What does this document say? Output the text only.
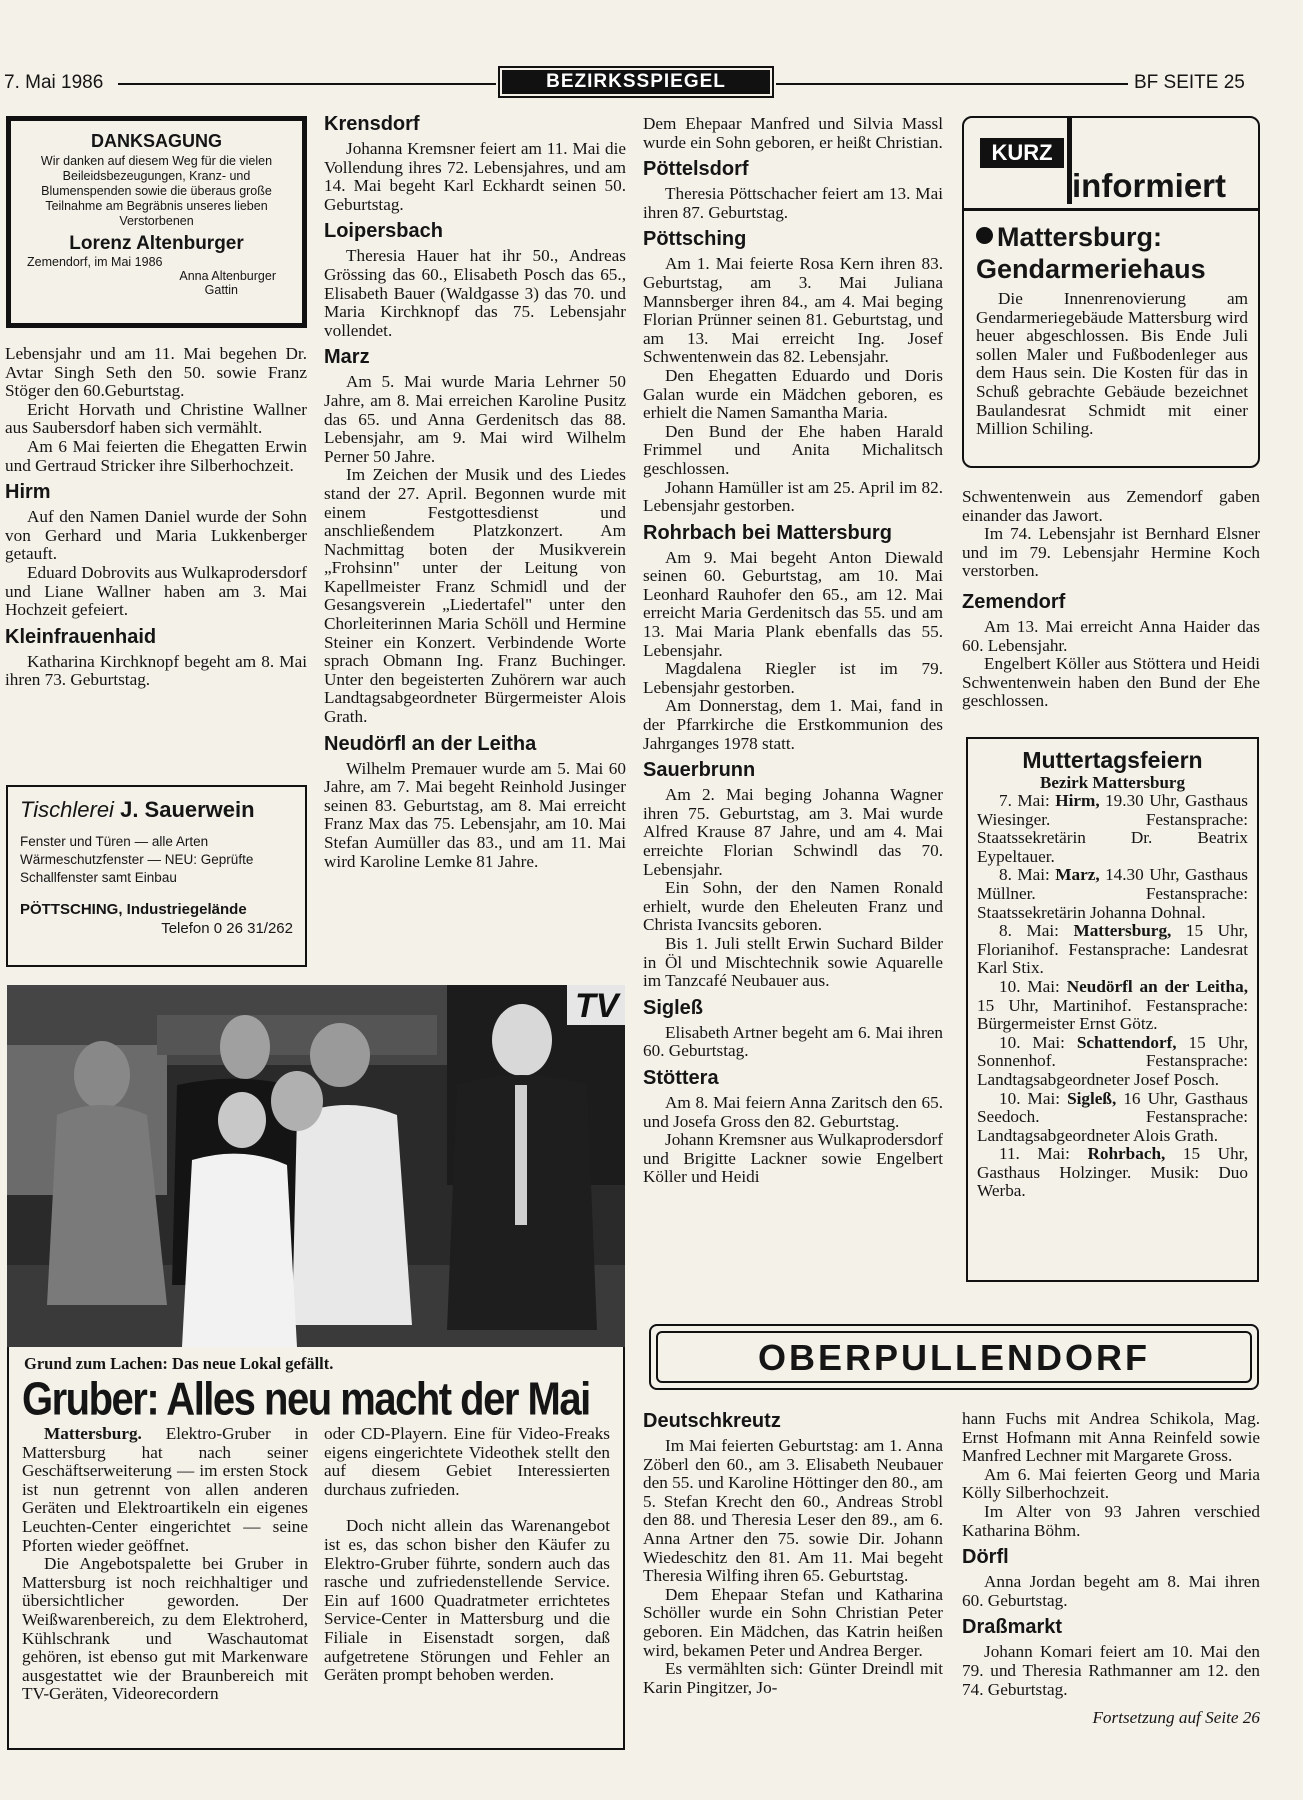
7. Mai 1986	BEZIRKSSPIEGEL	BF SEITE 25
DANKSAGUNG
Wir danken auf diesem Weg für die vielen Beileidsbezeugungen, Kranz- und Blumenspenden sowie die überaus große Teilnahme am Begräbnis unseres lieben Verstorbenen
Lorenz Altenburger
Zemendorf, im Mai 1986
Anna Altenburger
Gattin

Lebensjahr und am 11. Mai begehen Dr. Avtar Singh Seth den 50. sowie Franz Stöger den 60.Geburtstag.

Ericht Horvath und Christine Wallner aus Saubersdorf haben sich vermählt.

Am 6 Mai feierten die Ehegatten Erwin und Gertraud Stricker ihre Silberhochzeit.

Hirm

Auf den Namen Daniel wurde der Sohn von Gerhard und Maria Lukkenberger getauft.

Eduard Dobrovits aus Wulkaprodersdorf und Liane Wallner haben am 3. Mai Hochzeit gefeiert.

Kleinfrauenhaid

Katharina Kirchknopf begeht am 8. Mai ihren 73. Geburtstag.

Tischlerei J. Sauerwein
Fenster und Türen — alle Arten Wärmeschutzfenster — NEU: Geprüfte Schallfenster samt Einbau
PÖTTSCHING, Industriegelände
Telefon 0 26 31/262
Krensdorf

Johanna Kremsner feiert am 11. Mai die Vollendung ihres 72. Lebensjahres, und am 14. Mai begeht Karl Eckhardt seinen 50. Geburtstag.

Loipersbach

Theresia Hauer hat ihr 50., Andreas Grössing das 60., Elisabeth Posch das 65., Elisabeth Bauer (Waldgasse 3) das 70. und Maria Kirchknopf das 75. Lebensjahr vollendet.

Marz

Am 5. Mai wurde Maria Lehrner 50 Jahre, am 8. Mai erreichen Karoline Pusitz das 65. und Anna Gerdenitsch das 88. Lebensjahr, am 9. Mai wird Wilhelm Perner 50 Jahre.

Im Zeichen der Musik und des Liedes stand der 27. April. Begonnen wurde mit einem Festgottesdienst und anschließendem Platzkonzert. Am Nachmittag boten der Musikverein „Frohsinn" unter der Leitung von Kapellmeister Franz Schmidl und der Gesangsverein „Liedertafel" unter den Chorleiterinnen Maria Schöll und Hermine Steiner ein Konzert. Verbindende Worte sprach Obmann Ing. Franz Buchinger. Unter den begeisterten Zuhörern war auch Landtagsabgeordneter Bürgermeister Alois Grath.

Neudörfl an der Leitha

Wilhelm Premauer wurde am 5. Mai 60 Jahre, am 7. Mai begeht Reinhold Jusinger seinen 83. Geburtstag, am 8. Mai erreicht Franz Max das 75. Lebensjahr, am 10. Mai Stefan Aumüller das 83., und am 11. Mai wird Karoline Lemke 81 Jahre.

Dem Ehepaar Manfred und Silvia Massl wurde ein Sohn geboren, er heißt Christian.

Pöttelsdorf

Theresia Pöttschacher feiert am 13. Mai ihren 87. Geburtstag.

Pöttsching

Am 1. Mai feierte Rosa Kern ihren 83. Geburtstag, am 3. Mai Juliana Mannsberger ihren 84., am 4. Mai beging Florian Prünner seinen 81. Geburtstag, und am 13. Mai erreicht Ing. Josef Schwentenwein das 82. Lebensjahr.

Den Ehegatten Eduardo und Doris Galan wurde ein Mädchen geboren, es erhielt die Namen Samantha Maria.

Den Bund der Ehe haben Harald Frimmel und Anita Michalitsch geschlossen.

Johann Hamüller ist am 25. April im 82. Lebensjahr gestorben.

Rohrbach bei Mattersburg

Am 9. Mai begeht Anton Diewald seinen 60. Geburtstag, am 10. Mai Leonhard Rauhofer den 65., am 12. Mai erreicht Maria Gerdenitsch das 55. und am 13. Mai Maria Plank ebenfalls das 55. Lebensjahr.

Magdalena Riegler ist im 79. Lebensjahr gestorben.

Am Donnerstag, dem 1. Mai, fand in der Pfarrkirche die Erstkommunion des Jahrganges 1978 statt.

Sauerbrunn

Am 2. Mai beging Johanna Wagner ihren 75. Geburtstag, am 3. Mai wurde Alfred Krause 87 Jahre, und am 4. Mai erreichte Florian Schwindl das 70. Lebensjahr.

Ein Sohn, der den Namen Ronald erhielt, wurde den Eheleuten Franz und Christa Ivancsits geboren.

Bis 1. Juli stellt Erwin Suchard Bilder in Öl und Mischtechnik sowie Aquarelle im Tanzcafé Neubauer aus.

Sigleß

Elisabeth Artner begeht am 6. Mai ihren 60. Geburtstag.

Stöttera

Am 8. Mai feiern Anna Zaritsch den 65. und Josefa Gross den 82. Geburtstag.

Johann Kremsner aus Wulkaprodersdorf und Brigitte Lackner sowie Engelbert Köller und Heidi

KURZ
informiert
Mattersburg: Gendarmeriehaus

Die Innenrenovierung am Gendarmeriegebäude Mattersburg wird heuer abgeschlossen. Bis Ende Juli sollen Maler und Fußbodenleger aus dem Haus sein. Die Kosten für das in Schuß gebrachte Gebäude bezeichnet Baulandesrat Schmidt mit einer Million Schiling.

Schwentenwein aus Zemendorf gaben einander das Jawort.

Im 74. Lebensjahr ist Bernhard Elsner und im 79. Lebensjahr Hermine Koch verstorben.

Zemendorf

Am 13. Mai erreicht Anna Haider das 60. Lebensjahr.

Engelbert Köller aus Stöttera und Heidi Schwentenwein haben den Bund der Ehe geschlossen.

Muttertagsfeiern
Bezirk Mattersburg

7. Mai: Hirm, 19.30 Uhr, Gasthaus Wiesinger. Festansprache: Staatssekretärin Dr. Beatrix Eypeltauer.

8. Mai: Marz, 14.30 Uhr, Gasthaus Müllner. Festansprache: Staatssekretärin Johanna Dohnal.

8. Mai: Mattersburg, 15 Uhr, Florianihof. Festansprache: Landesrat Karl Stix.

10. Mai: Neudörfl an der Leitha, 15 Uhr, Martinihof. Festansprache: Bürgermeister Ernst Götz.

10. Mai: Schattendorf, 15 Uhr, Sonnenhof. Festansprache: Landtagsabgeordneter Josef Posch.

10. Mai: Sigleß, 16 Uhr, Gasthaus Seedoch. Festansprache: Landtagsabgeordneter Alois Grath.

11. Mai: Rohrbach, 15 Uhr, Gasthaus Holzinger. Musik: Duo Werba.

TV
Grund zum Lachen: Das neue Lokal gefällt.
Gruber: Alles neu macht der Mai

Mattersburg. Elektro-Gruber in Mattersburg hat nach seiner Geschäftserweiterung — im ersten Stock ist nun getrennt von allen anderen Geräten und Elektroartikeln ein eigenes Leuchten-Center eingerichtet — seine Pforten wieder geöffnet.

Die Angebotspalette bei Gruber in Mattersburg ist noch reichhaltiger und übersichtlicher geworden. Der Weißwarenbereich, zu dem Elektroherd, Kühlschrank und Waschautomat gehören, ist ebenso gut mit Markenware ausgestattet wie der Braunbereich mit TV-Geräten, Videorecordern

oder CD-Playern. Eine für Video-Freaks eigens eingerichtete Videothek stellt den auf diesem Gebiet Interessierten durchaus zufrieden.

Doch nicht allein das Warenangebot ist es, das schon bisher den Käufer zu Elektro-Gruber führte, sondern auch das rasche und zufriedenstellende Service. Ein auf 1600 Quadratmeter errichtetes Service-Center in Mattersburg und die Filiale in Eisenstadt sorgen, daß aufgetretene Störungen und Fehler an Geräten prompt behoben werden.

OBERPULLENDORF
Deutschkreutz

Im Mai feierten Geburtstag: am 1. Anna Zöberl den 60., am 3. Elisabeth Neubauer den 55. und Karoline Höttinger den 80., am 5. Stefan Krecht den 60., Andreas Strobl den 88. und Theresia Leser den 89., am 6. Anna Artner den 75. sowie Dir. Johann Wiedeschitz den 81. Am 11. Mai begeht Theresia Wilfing ihren 65. Geburtstag.

Dem Ehepaar Stefan und Katharina Schöller wurde ein Sohn Christian Peter geboren. Ein Mädchen, das Katrin heißen wird, bekamen Peter und Andrea Berger.

Es vermählten sich: Günter Dreindl mit Karin Pingitzer, Jo-

hann Fuchs mit Andrea Schikola, Mag. Ernst Hofmann mit Anna Reinfeld sowie Manfred Lechner mit Margarete Gross.

Am 6. Mai feierten Georg und Maria Kölly Silberhochzeit.

Im Alter von 93 Jahren verschied Katharina Böhm.

Dörfl

Anna Jordan begeht am 8. Mai ihren 60. Geburtstag.

Draßmarkt

Johann Komari feiert am 10. Mai den 79. und Theresia Rathmanner am 12. den 74. Geburtstag.

Fortsetzung auf Seite 26
